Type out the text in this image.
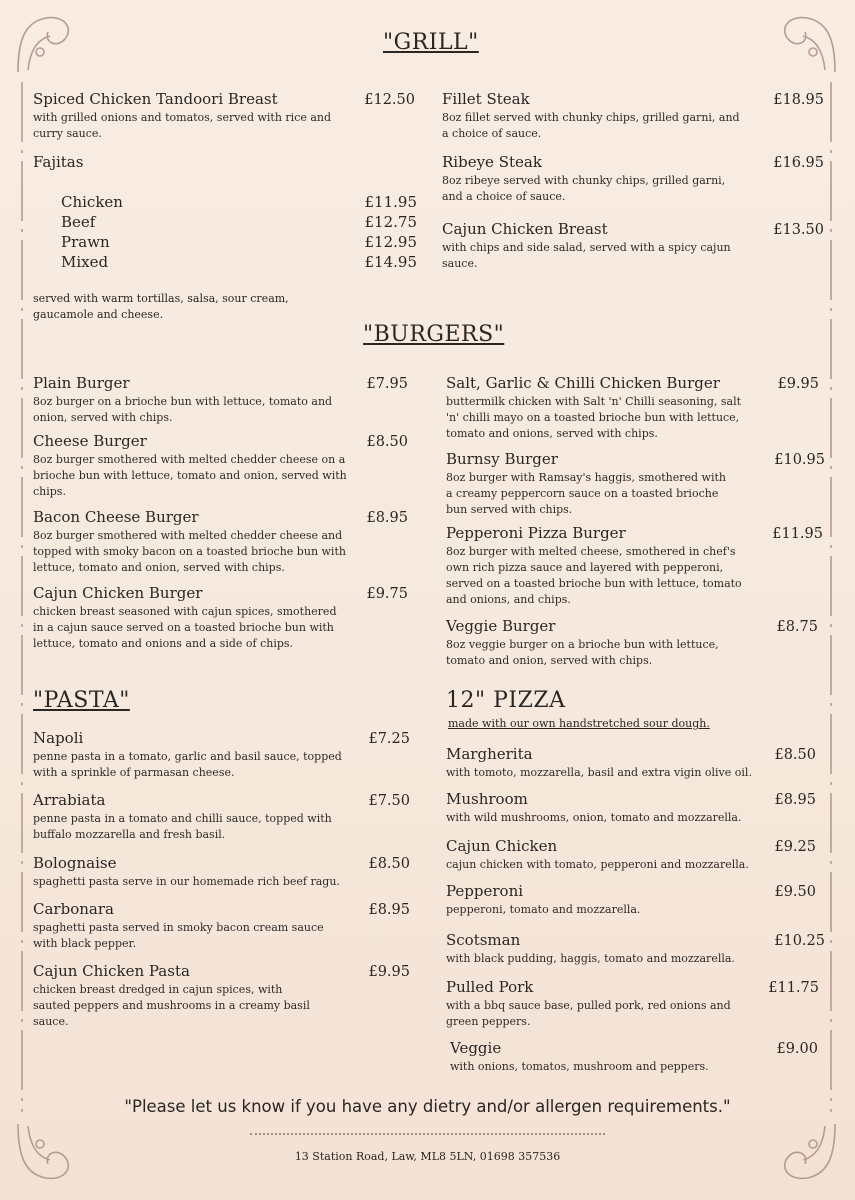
"GRILL"
Spiced Chicken Tandoori Breast	£12.50
with grilled onions and tomatos, served with rice and curry sauce.
Fajitas
Chicken	£11.95
Beef	£12.75
Prawn	£12.95
Mixed	£14.95
served with warm tortillas, salsa, sour cream, gaucamole and cheese.
Fillet Steak	£18.95
8oz fillet served with chunky chips, grilled garni, and a choice of sauce.
Ribeye Steak	£16.95
8oz ribeye served with chunky chips, grilled garni, and a choice of sauce.
Cajun Chicken Breast	£13.50
with chips and side salad, served with a spicy cajun sauce.
"BURGERS"
Plain Burger	£7.95
8oz burger on a brioche bun with lettuce, tomato and onion, served with chips.
Cheese Burger	£8.50
8oz burger smothered with melted chedder cheese on a brioche bun with lettuce, tomato and onion, served with chips.
Bacon Cheese Burger	£8.95
8oz burger smothered with melted chedder cheese and topped with smoky bacon on a toasted brioche bun with lettuce, tomato and onion, served with chips.
Cajun Chicken Burger	£9.75
chicken breast seasoned with cajun spices, smothered in a cajun sauce served on a toasted brioche bun with lettuce, tomato and onions and a side of chips.
Salt, Garlic & Chilli Chicken Burger	£9.95
buttermilk chicken with Salt 'n' Chilli seasoning, salt 'n' chilli mayo on a toasted brioche bun with lettuce, tomato and onions, served with chips.
Burnsy Burger	£10.95
8oz burger with Ramsay's haggis, smothered with a creamy peppercorn sauce on a toasted brioche bun served with chips.
Pepperoni Pizza Burger	£11.95
8oz burger with melted cheese, smothered in chef's own rich pizza sauce and layered with pepperoni, served on a toasted brioche bun with lettuce, tomato and onions, and chips.
Veggie Burger	£8.75
8oz veggie burger on a brioche bun with lettuce, tomato and onion, served with chips.
"PASTA"
Napoli	£7.25
penne pasta in a tomato, garlic and basil sauce, topped with a sprinkle of parmasan cheese.
Arrabiata	£7.50
penne pasta in a tomato and chilli sauce, topped with buffalo mozzarella and fresh basil.
Bolognaise	£8.50
spaghetti pasta serve in our homemade rich beef ragu.
Carbonara	£8.95
spaghetti pasta served in smoky bacon cream sauce with black pepper.
Cajun Chicken Pasta	£9.95
chicken breast dredged in cajun spices, with sauted peppers and mushrooms in a creamy basil sauce.
12" PIZZA
made with our own handstretched sour dough.
Margherita	£8.50
with tomoto, mozzarella, basil and extra vigin olive oil.
Mushroom	£8.95
with wild mushrooms, onion, tomato and mozzarella.
Cajun Chicken	£9.25
cajun chicken with tomato, pepperoni and mozzarella.
Pepperoni	£9.50
pepperoni, tomato and mozzarella.
Scotsman	£10.25
with black pudding, haggis, tomato and mozzarella.
Pulled Pork	£11.75
with a bbq sauce base, pulled pork, red onions and green peppers.
Veggie	£9.00
with onions, tomatos, mushroom and peppers.
"Please let us know if you have any dietry and/or allergen requirements."
13 Station Road, Law, ML8 5LN, 01698 357536
